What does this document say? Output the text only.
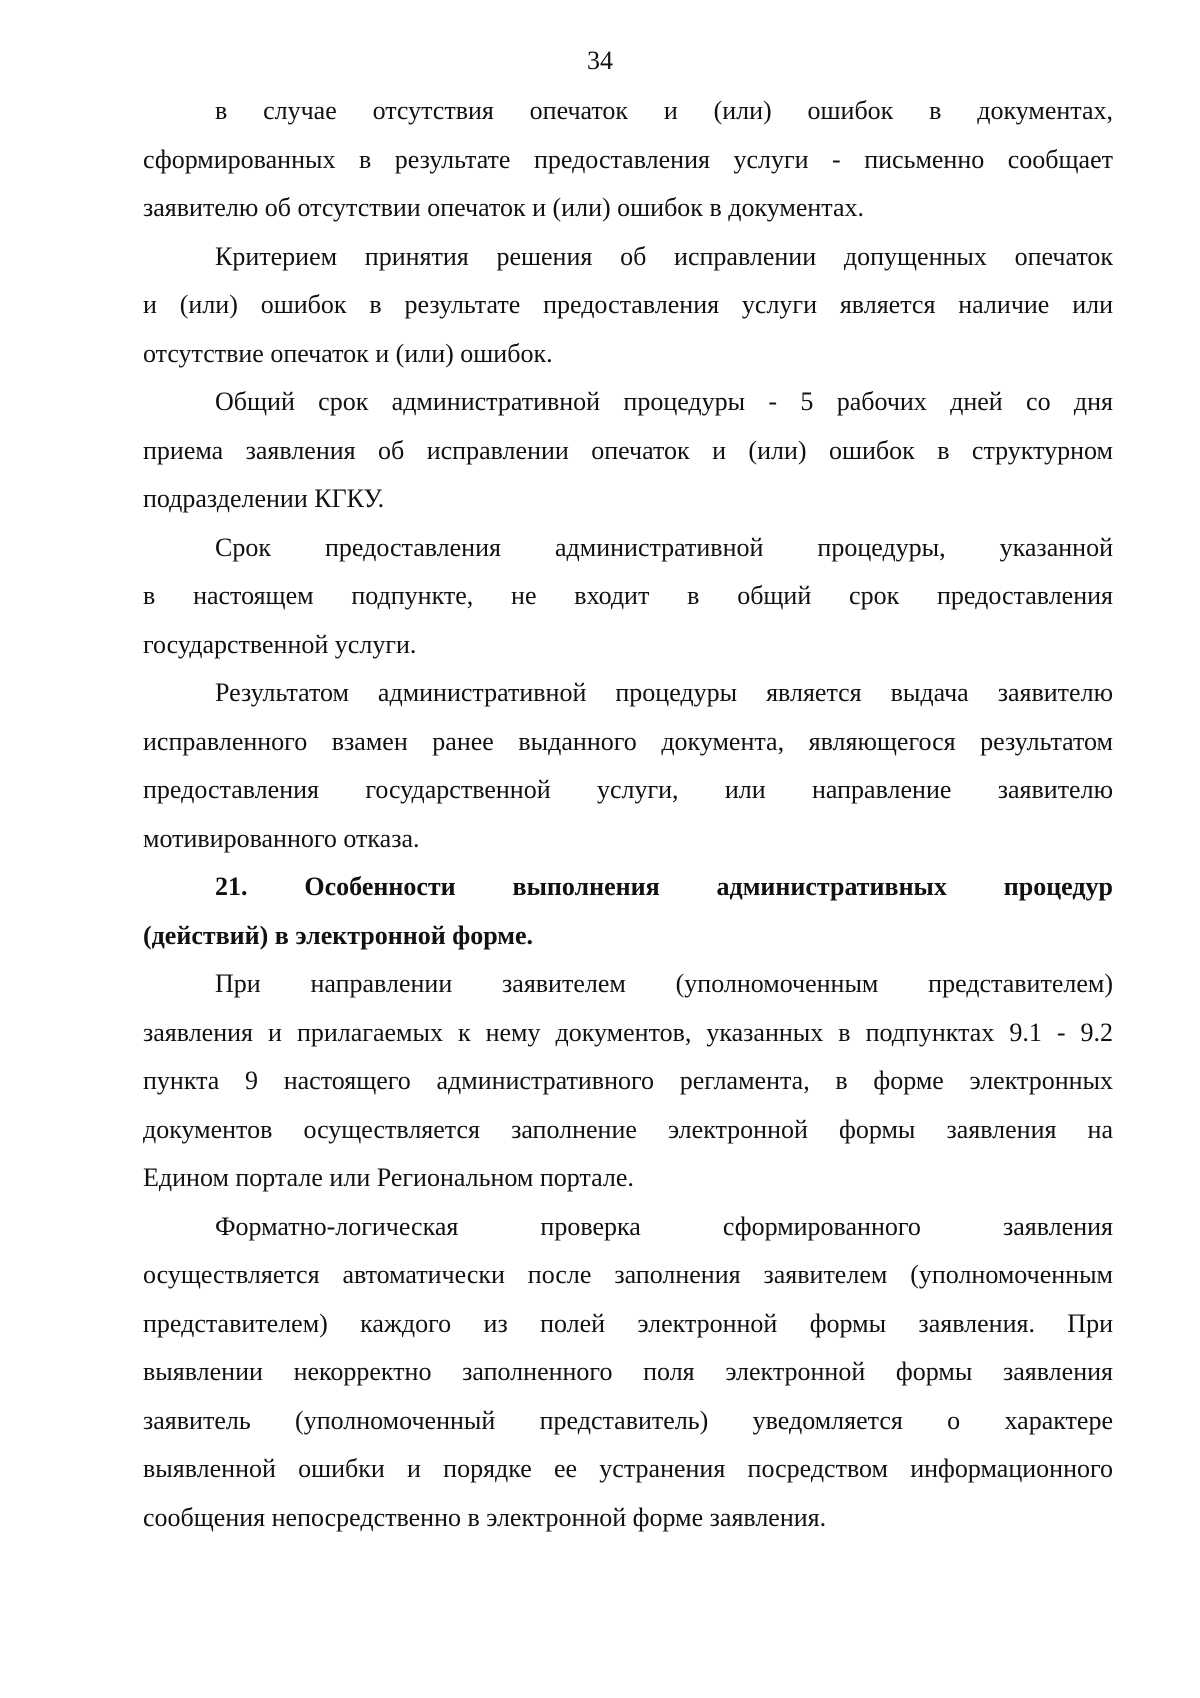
34
в случае отсутствия опечаток и (или) ошибок в документах,
сформированных в результате предоставления услуги - письменно сообщает
заявителю об отсутствии опечаток и (или) ошибок в документах.
Критерием принятия решения об исправлении допущенных опечаток
и (или) ошибок в результате предоставления услуги является наличие или
отсутствие опечаток и (или) ошибок.
Общий срок административной процедуры - 5 рабочих дней со дня
приема заявления об исправлении опечаток и (или) ошибок в структурном
подразделении КГКУ.
Срок предоставления административной процедуры, указанной
в настоящем подпункте, не входит в общий срок предоставления
государственной услуги.
Результатом административной процедуры является выдача заявителю
исправленного взамен ранее выданного документа, являющегося результатом
предоставления государственной услуги, или направление заявителю
мотивированного отказа.
21. Особенности выполнения административных процедур
(действий) в электронной форме.
При направлении заявителем (уполномоченным представителем)
заявления и прилагаемых к нему документов, указанных в подпунктах 9.1 - 9.2
пункта 9 настоящего административного регламента, в форме электронных
документов осуществляется заполнение электронной формы заявления на
Едином портале или Региональном портале.
Форматно-логическая проверка сформированного заявления
осуществляется автоматически после заполнения заявителем (уполномоченным
представителем) каждого из полей электронной формы заявления. При
выявлении некорректно заполненного поля электронной формы заявления
заявитель (уполномоченный представитель) уведомляется о характере
выявленной ошибки и порядке ее устранения посредством информационного
сообщения непосредственно в электронной форме заявления.
